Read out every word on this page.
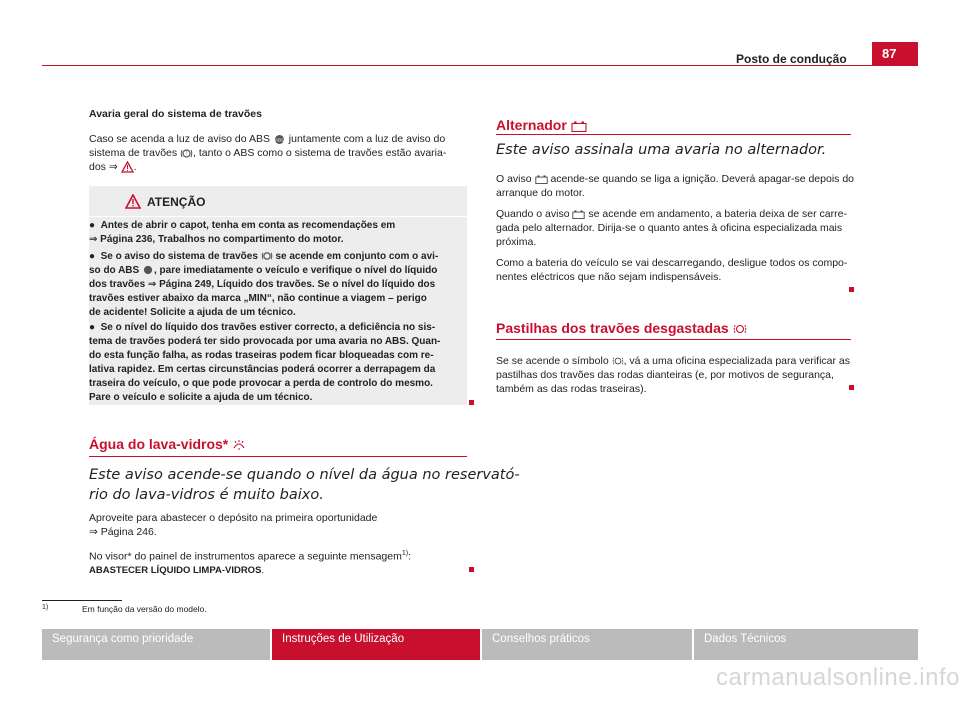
Posto de condução	87
Avaria geral do sistema de travões
Caso se acenda a luz de aviso do ABS ABS juntamente com a luz de aviso do
sistema de travões ! , tanto o ABS como o sistema de travões estão avaria-
dos ⇒ .
ATENÇÃO
●  Antes de abrir o capot, tenha em conta as recomendações em
⇒ Página 236, Trabalhos no compartimento do motor.
●  Se o aviso do sistema de travões se acende em conjunto com o avi-
so do ABS , pare imediatamente o veículo e verifique o nível do líquido
dos travões ⇒ Página 249, Líquido dos travões. Se o nível do líquido dos
travões estiver abaixo da marca „MIN“, não continue a viagem – perigo
de acidente! Solicite a ajuda de um técnico.
●  Se o nível do líquido dos travões estiver correcto, a deficiência no sis-
tema de travões poderá ter sido provocada por uma avaria no ABS. Quan-
do esta função falha, as rodas traseiras podem ficar bloqueadas com re-
lativa rapidez. Em certas circunstâncias poderá ocorrer a derrapagem da
traseira do veículo, o que pode provocar a perda de controlo do mesmo.
Pare o veículo e solicite a ajuda de um técnico.
Água do lava-vidros*
Este aviso acende-se quando o nível da água no reservató-
rio do lava-vidros é muito baixo.
Aproveite para abastecer o depósito na primeira oportunidade
⇒ Página 246.
No visor* do painel de instrumentos aparece a seguinte mensagem$^{1)}$:
ABASTECER LÍQUIDO LIMPA-VIDROS.
Alternador
Este aviso assinala uma avaria no alternador.
O aviso acende-se quando se liga a ignição. Deverá apagar-se depois do
arranque do motor.
Quando o aviso se acende em andamento, a bateria deixa de ser carre-
gada pelo alternador. Dirija-se o quanto antes à oficina especializada mais
próxima.
Como a bateria do veículo se vai descarregando, desligue todos os compo-
nentes eléctricos que não sejam indispensáveis.
Pastilhas dos travões desgastadas
Se se acende o símbolo , vá a uma oficina especializada para verificar as
pastilhas dos travões das rodas dianteiras (e, por motivos de segurança,
também as das rodas traseiras).
1)	Em função da versão do modelo.
Segurança como prioridade	Instruções de Utilização	Conselhos práticos	Dados Técnicos
carmanualsonline.info
